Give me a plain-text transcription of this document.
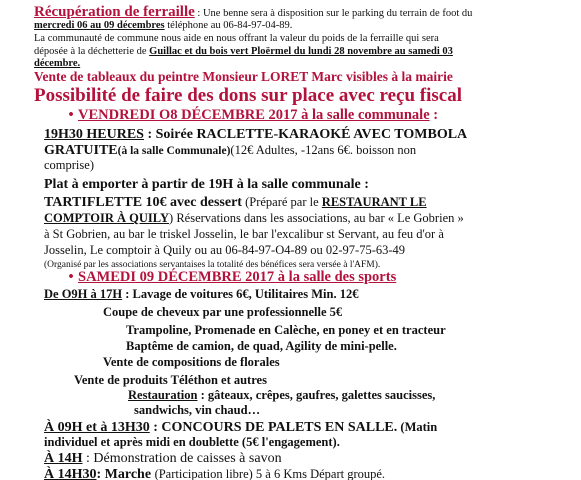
Récupération de ferraille : Une benne sera à disposition sur le parking du terrain de foot du
mercredi 06 au 09 décembres téléphone au 06-84-97-04-89.
La communauté de commune nous aide en nous offrant la valeur du poids de la ferraille qui sera
déposée à la déchetterie de Guillac et du bois vert Ploërmel du lundi 28 novembre au samedi 03
décembre.
Vente de tableaux du peintre Monsieur LORET Marc visibles à la mairie
Possibilité de faire des dons sur place avec reçu fiscal
• VENDREDI O8 DÉCEMBRE 2017 à la salle communale :
19H30 HEURES : Soirée RACLETTE-KARAOKÉ AVEC TOMBOLA
GRATUITE(à la salle Communale)(12€ Adultes, -12ans 6€. boisson non
comprise)
Plat à emporter à partir de 19H à la salle communale :
TARTIFLETTE 10€ avec dessert (Préparé par le RESTAURANT LE
COMPTOIR À QUILY) Réservations dans les associations, au bar « Le Gobrien »
à St Gobrien, au bar le triskel Josselin, le bar l'excalibur st Servant, au feu d'or à
Josselin, Le comptoir à Quily ou au 06-84-97-O4-89 ou 02-97-75-63-49
(Organisé par les associations servantaises la totalité des bénéfices sera versée à l'AFM).
• SAMEDI 09 DÉCEMBRE 2017 à la salle des sports
De O9H à 17H : Lavage de voitures 6€, Utilitaires Min. 12€
Coupe de cheveux par une professionnelle 5€
Trampoline, Promenade en Calèche, en poney et en tracteur
Baptême de camion, de quad, Agility de mini-pelle.
Vente de compositions de florales
Vente de produits Téléthon et autres
Restauration : gâteaux, crêpes, gaufres, galettes saucisses,
sandwichs, vin chaud…
À 09H et à 13H30 : CONCOURS DE PALETS EN SALLE. (Matin
individuel et après midi en doublette (5€ l'engagement).
À 14H : Démonstration de caisses à savon
À 14H30: Marche (Participation libre) 5 à 6 Kms Départ groupé.
